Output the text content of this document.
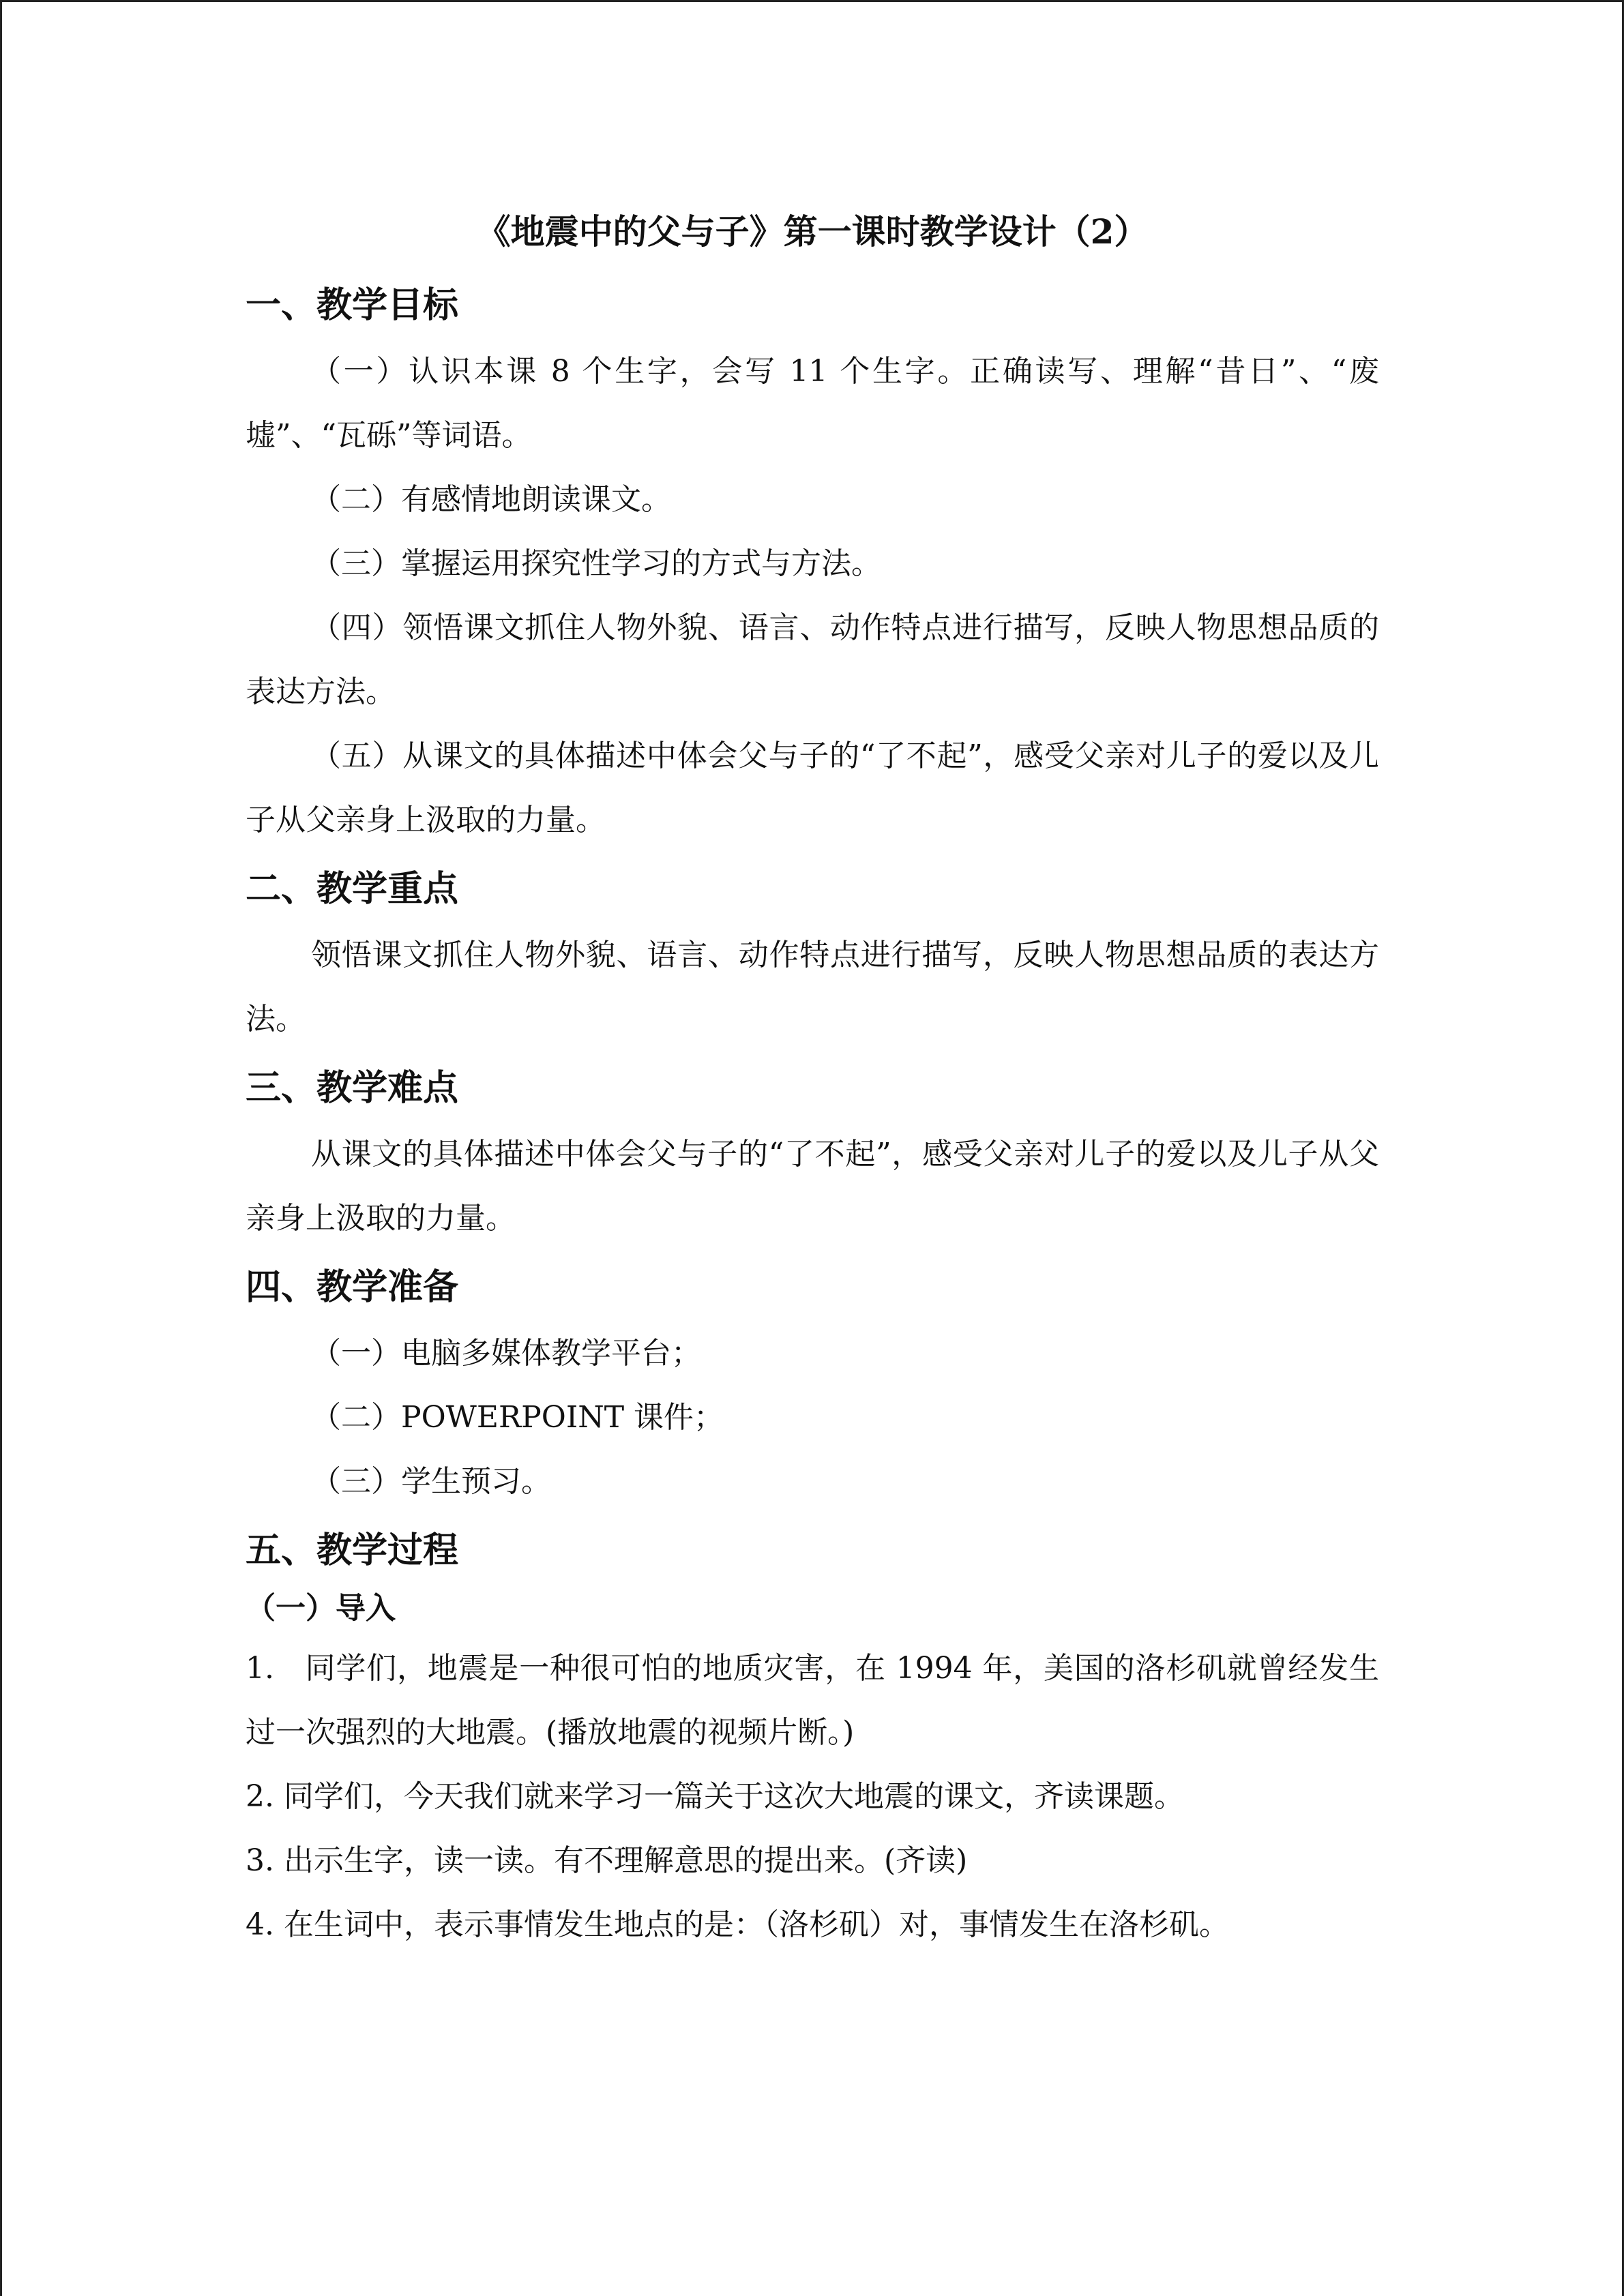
《地震中的父与子》第一课时教学设计（2）
一、教学目标

（一）认识本课 8 个生字，会写 11 个生字。正确读写、理解“昔日”、“废墟”、“瓦砾”等词语。

（二）有感情地朗读课文。

（三）掌握运用探究性学习的方式与方法。

（四）领悟课文抓住人物外貌、语言、动作特点进行描写，反映人物思想品质的表达方法。

（五）从课文的具体描述中体会父与子的“了不起”，感受父亲对儿子的爱以及儿子从父亲身上汲取的力量。

二、教学重点

领悟课文抓住人物外貌、语言、动作特点进行描写，反映人物思想品质的表达方法。

三、教学难点

从课文的具体描述中体会父与子的“了不起”，感受父亲对儿子的爱以及儿子从父亲身上汲取的力量。

四、教学准备

（一）电脑多媒体教学平台；

（二）POWERPOINT 课件；

（三）学生预习。

五、教学过程
（一）导入

1.　同学们，地震是一种很可怕的地质灾害，在 1994 年，美国的洛杉矶就曾经发生过一次强烈的大地震。(播放地震的视频片断。)

2. 同学们，今天我们就来学习一篇关于这次大地震的课文，齐读课题。

3. 出示生字，读一读。有不理解意思的提出来。(齐读)

4. 在生词中，表示事情发生地点的是：（洛杉矶）对，事情发生在洛杉矶。
